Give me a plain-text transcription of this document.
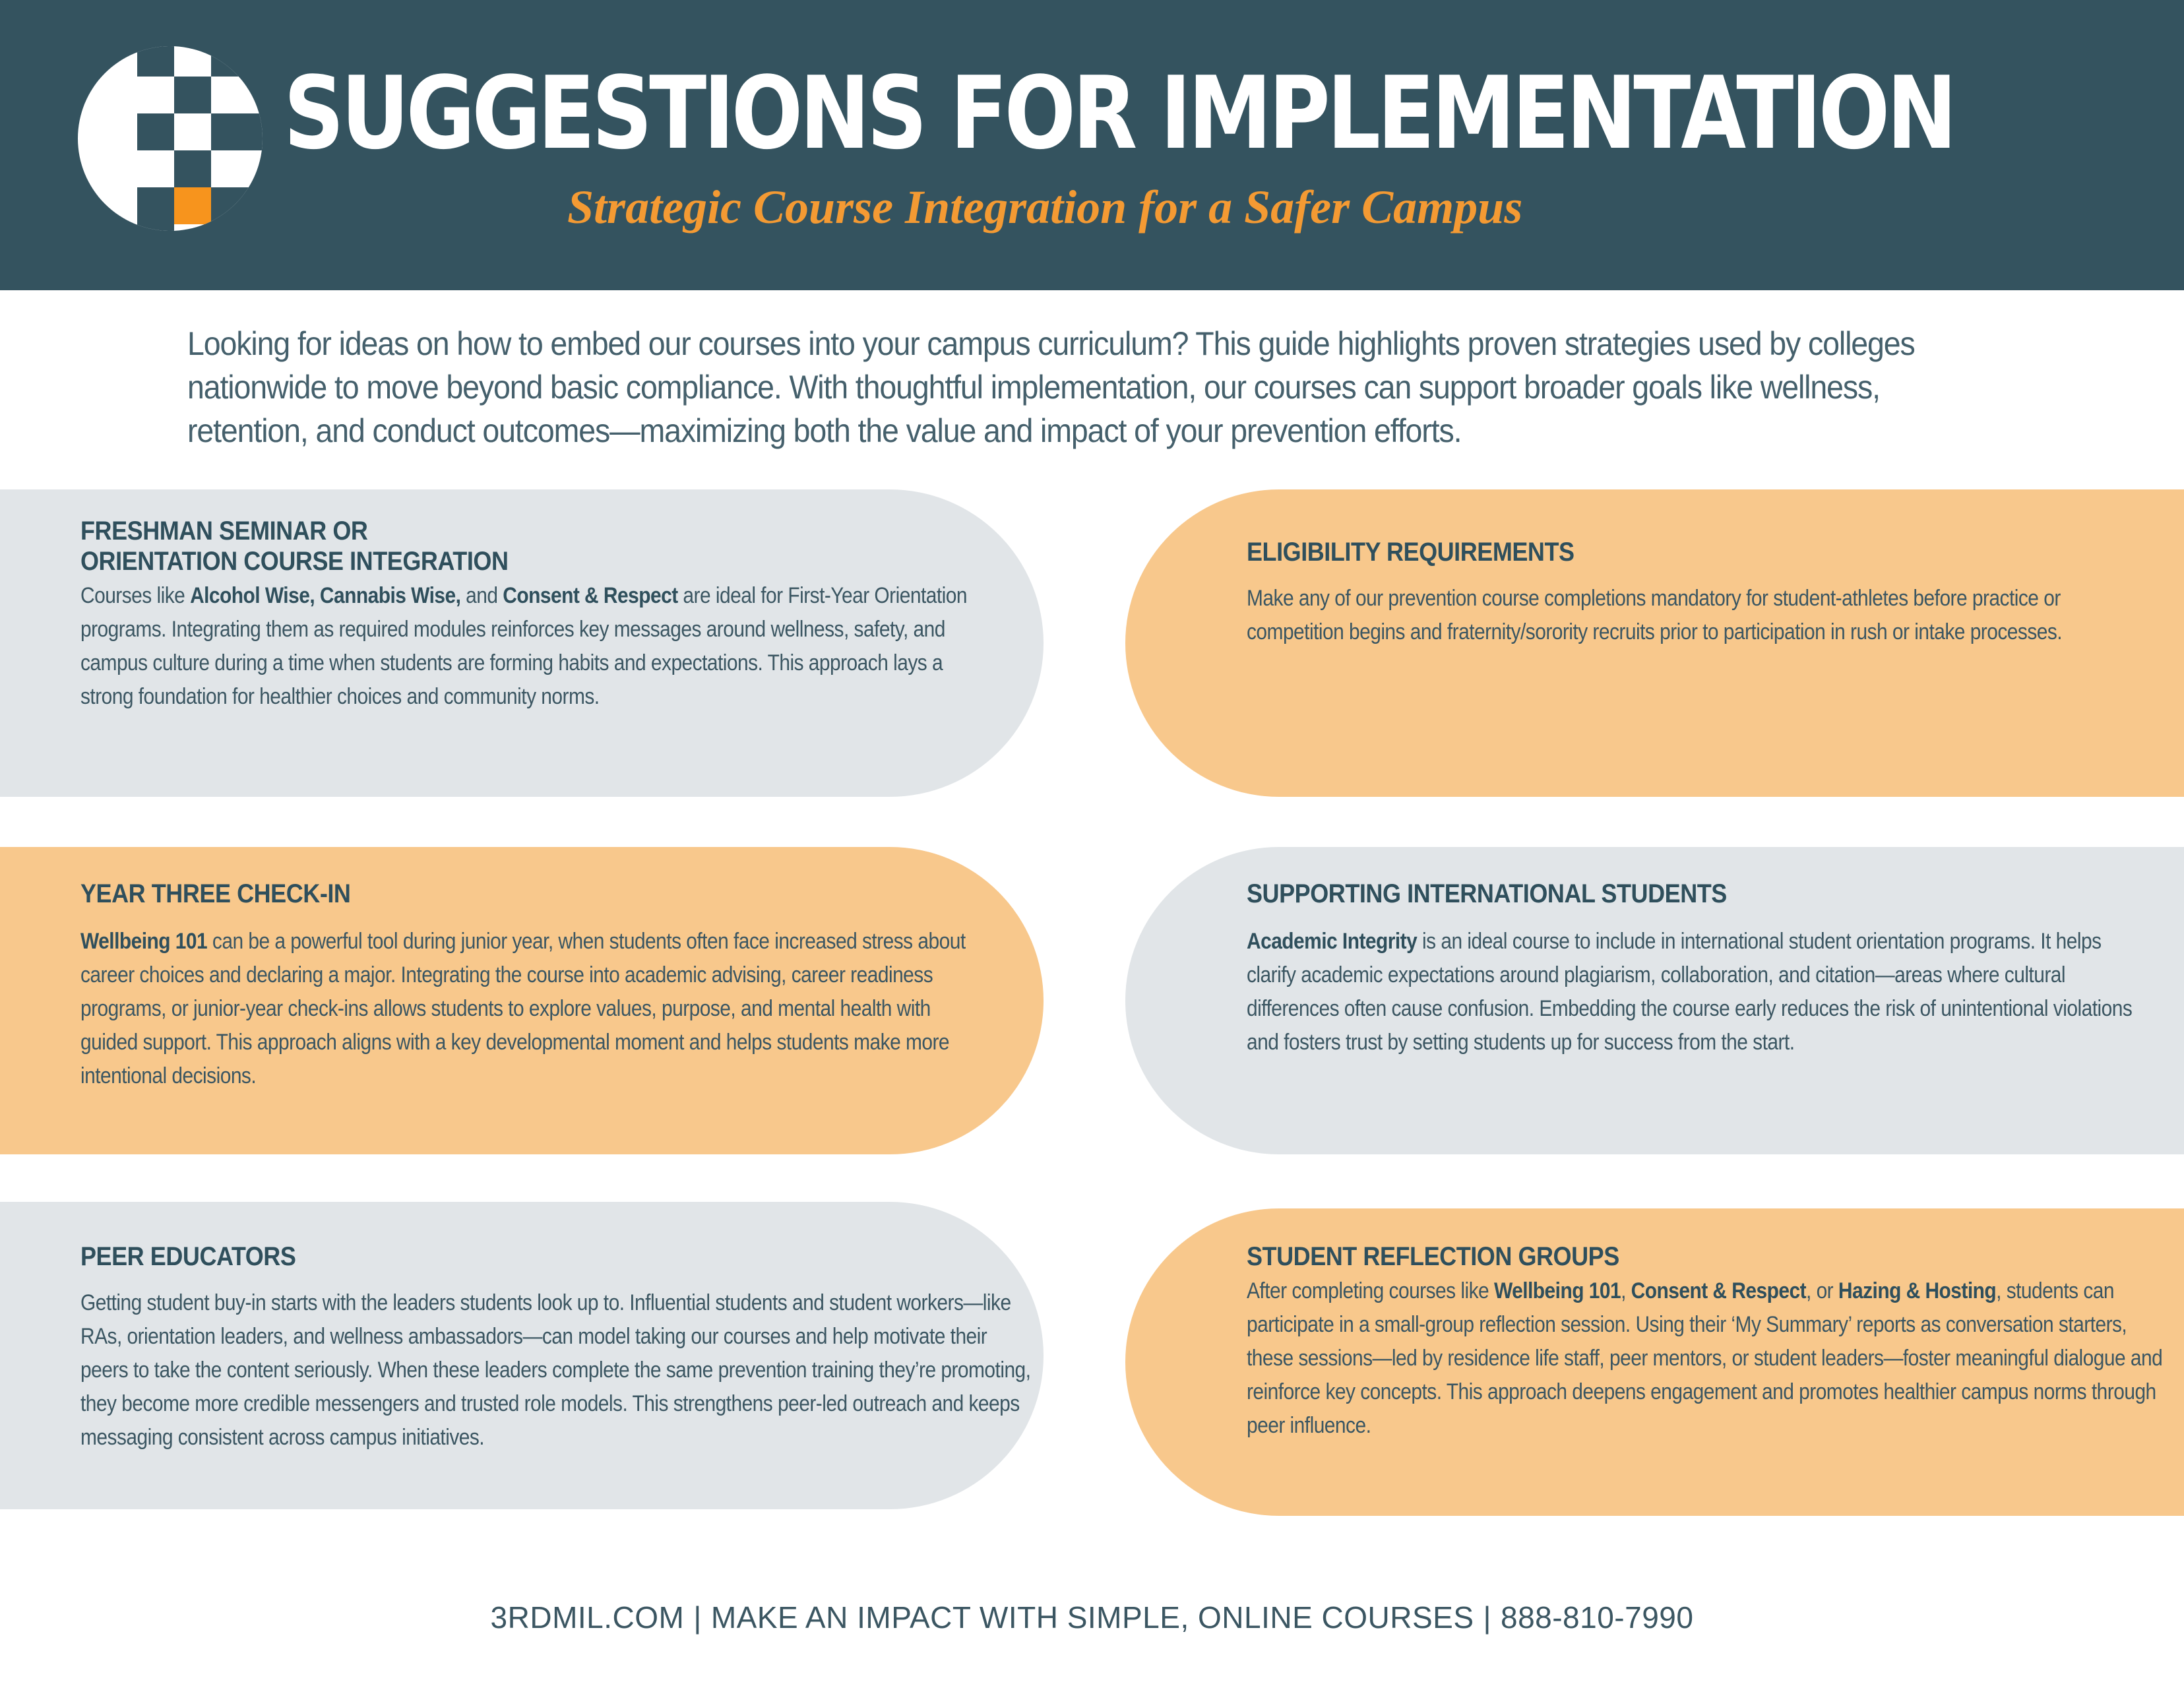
SUGGESTIONS FOR IMPLEMENTATION
Strategic Course Integration for a Safer Campus
Looking for ideas on how to embed our courses into your campus curriculum? This guide highlights proven strategies used by colleges nationwide to move beyond basic compliance. With thoughtful implementation, our courses can support broader goals like wellness, retention, and conduct outcomes—maximizing both the value and impact of your prevention efforts.
FRESHMAN SEMINAR OR
ORIENTATION COURSE INTEGRATION

Courses like Alcohol Wise, Cannabis Wise, and Consent & Respect are ideal for First-Year Orientation programs. Integrating them as required modules reinforces key messages around wellness, safety, and campus culture during a time when students are forming habits and expectations. This approach lays a strong foundation for healthier choices and community norms.

ELIGIBILITY REQUIREMENTS

Make any of our prevention course completions mandatory for student-athletes before practice or competition begins and fraternity/sorority recruits prior to participation in rush or intake processes.

YEAR THREE CHECK-IN

Wellbeing 101 can be a powerful tool during junior year, when students often face increased stress about career choices and declaring a major. Integrating the course into academic advising, career readiness programs, or junior-year check-ins allows students to explore values, purpose, and mental health with guided support. This approach aligns with a key developmental moment and helps students make more intentional decisions.

SUPPORTING INTERNATIONAL STUDENTS

Academic Integrity is an ideal course to include in international student orientation programs. It helps clarify academic expectations around plagiarism, collaboration, and citation—areas where cultural differences often cause confusion. Embedding the course early reduces the risk of unintentional violations and fosters trust by setting students up for success from the start.

PEER EDUCATORS

Getting student buy-in starts with the leaders students look up to. Influential students and student workers—like RAs, orientation leaders, and wellness ambassadors—can model taking our courses and help motivate their peers to take the content seriously. When these leaders complete the same prevention training they’re promoting, they become more credible messengers and trusted role models. This strengthens peer-led outreach and keeps messaging consistent across campus initiatives.

STUDENT REFLECTION GROUPS

After completing courses like Wellbeing 101, Consent & Respect, or Hazing & Hosting, students can participate in a small-group reflection session. Using their ‘My Summary’ reports as conversation starters, these sessions—led by residence life staff, peer mentors, or student leaders—foster meaningful dialogue and reinforce key concepts. This approach deepens engagement and promotes healthier campus norms through peer influence.

3RDMIL.COM | MAKE AN IMPACT WITH SIMPLE, ONLINE COURSES | 888-810-7990
